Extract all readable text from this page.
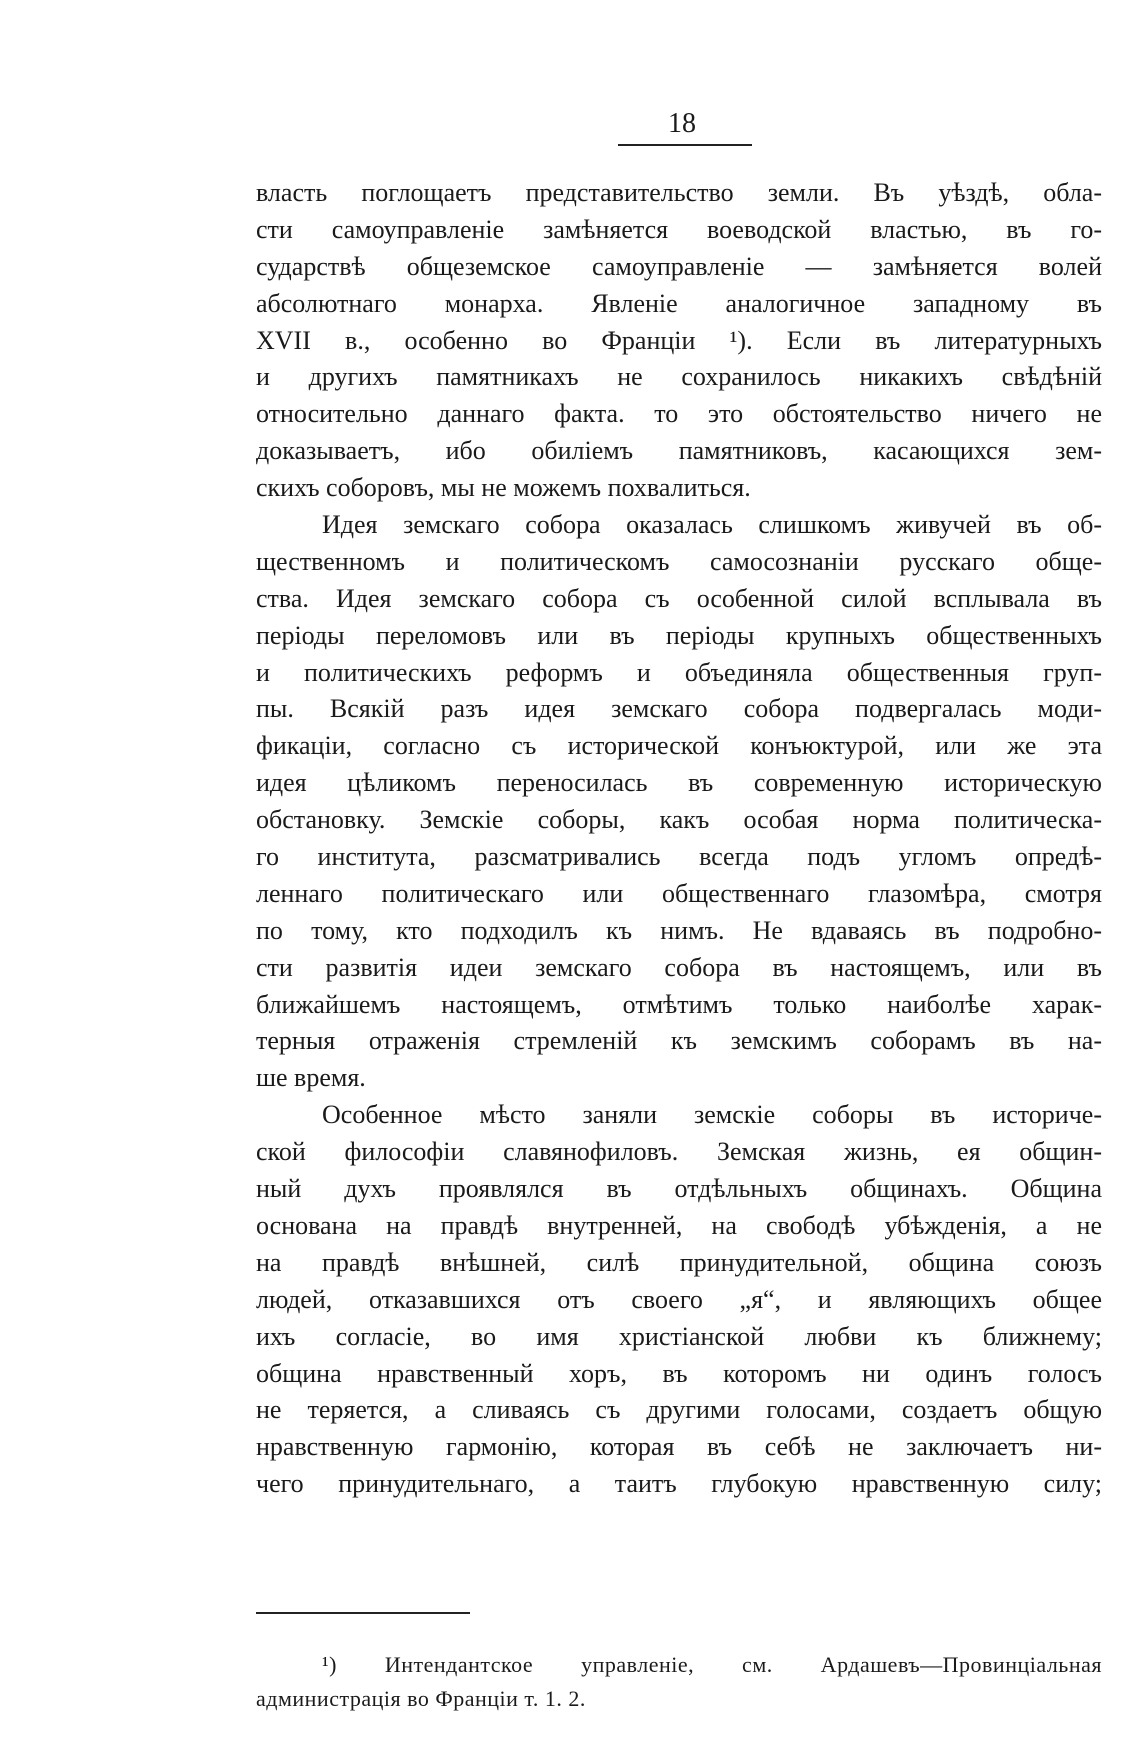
18
власть поглощаетъ представительство земли. Въ уѣздѣ, обла-
сти самоуправленіе замѣняется воеводской властью, въ го-
сударствѣ общеземское самоуправленіе — замѣняется волей
абсолютнаго монарха. Явленіе аналогичное западному въ
XVII в., особенно во Франціи ¹). Если въ литературныхъ
и другихъ памятникахъ не сохранилось никакихъ свѣдѣній
относительно даннаго факта. то это обстоятельство ничего не
доказываетъ, ибо обиліемъ памятниковъ, касающихся зем-
скихъ соборовъ, мы не можемъ похвалиться.
Идея земскаго собора оказалась слишкомъ живучей въ об-
щественномъ и политическомъ самосознаніи русскаго обще-
ства. Идея земскаго собора съ особенной силой всплывала въ
періоды переломовъ или въ періоды крупныхъ общественныхъ
и политическихъ реформъ и объединяла общественныя груп-
пы. Всякій разъ идея земскаго собора подвергалась моди-
фикаціи, согласно съ исторической конъюктурой, или же эта
идея цѣликомъ переносилась въ современную историческую
обстановку. Земскіе соборы, какъ особая норма политическа-
го института, разсматривались всегда подъ угломъ опредѣ-
леннаго политическаго или общественнаго глазомѣра, смотря
по тому, кто подходилъ къ нимъ. Не вдаваясь въ подробно-
сти развитія идеи земскаго собора въ настоящемъ, или въ
ближайшемъ настоящемъ, отмѣтимъ только наиболѣе харак-
терныя отраженія стремленій къ земскимъ соборамъ въ на-
ше время.
Особенное мѣсто заняли земскіе соборы въ историче-
ской философіи славянофиловъ. Земская жизнь, ея общин-
ный духъ проявлялся въ отдѣльныхъ общинахъ. Община
основана на правдѣ внутренней, на свободѣ убѣжденія, а не
на правдѣ внѣшней, силѣ принудительной, община союзъ
людей, отказавшихся отъ своего „я“, и являющихъ общее
ихъ согласіе, во имя христіанской любви къ ближнему;
община нравственный хоръ, въ которомъ ни одинъ голосъ
не теряется, а сливаясь съ другими голосами, создаетъ общую
нравственную гармонію, которая въ себѣ не заключаетъ ни-
чего принудительнаго, а таитъ глубокую нравственную силу;
¹) Интендантское управленіе, см. Ардашевъ—Провинціальная
администрація во Франціи т. 1. 2.
